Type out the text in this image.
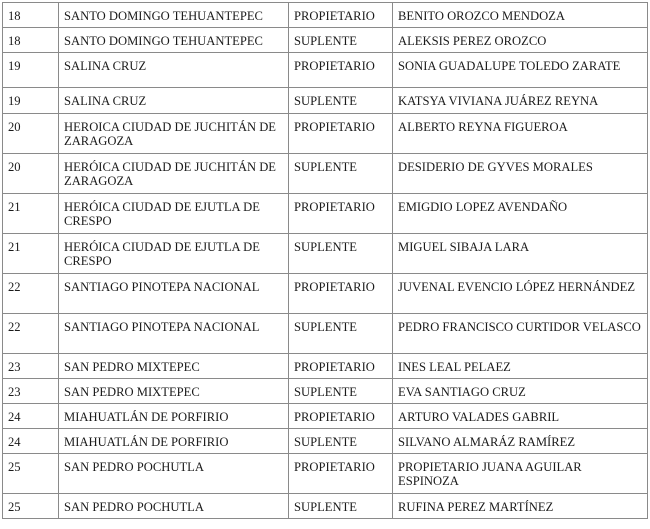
18	SANTO DOMINGO TEHUANTEPEC	PROPIETARIO	BENITO OROZCO MENDOZA
18	SANTO DOMINGO TEHUANTEPEC	SUPLENTE	ALEKSIS PEREZ OROZCO
19	SALINA CRUZ	PROPIETARIO	SONIA GUADALUPE TOLEDO ZARATE
19	SALINA CRUZ	SUPLENTE	KATSYA VIVIANA JUÁREZ REYNA
20	HEROICA CIUDAD DE JUCHITÁN DE ZARAGOZA	PROPIETARIO	ALBERTO REYNA FIGUEROA
20	HERÓICA CIUDAD DE JUCHITÁN DE ZARAGOZA	SUPLENTE	DESIDERIO DE GYVES MORALES
21	HERÓICA CIUDAD DE EJUTLA DE CRESPO	PROPIETARIO	EMIGDIO LOPEZ AVENDAÑO
21	HERÓICA CIUDAD DE EJUTLA DE CRESPO	SUPLENTE	MIGUEL SIBAJA LARA
22	SANTIAGO PINOTEPA NACIONAL	PROPIETARIO	JUVENAL EVENCIO LÓPEZ HERNÁNDEZ
22	SANTIAGO PINOTEPA NACIONAL	SUPLENTE	PEDRO FRANCISCO CURTIDOR VELASCO
23	SAN PEDRO MIXTEPEC	PROPIETARIO	INES LEAL PELAEZ
23	SAN PEDRO MIXTEPEC	SUPLENTE	EVA SANTIAGO CRUZ
24	MIAHUATLÁN DE PORFIRIO	PROPIETARIO	ARTURO VALADES GABRIL
24	MIAHUATLÁN DE PORFIRIO	SUPLENTE	SILVANO ALMARÁZ RAMÍREZ
25	SAN PEDRO POCHUTLA	PROPIETARIO	PROPIETARIO JUANA AGUILAR ESPINOZA
25	SAN PEDRO POCHUTLA	SUPLENTE	RUFINA PEREZ MARTÍNEZ
